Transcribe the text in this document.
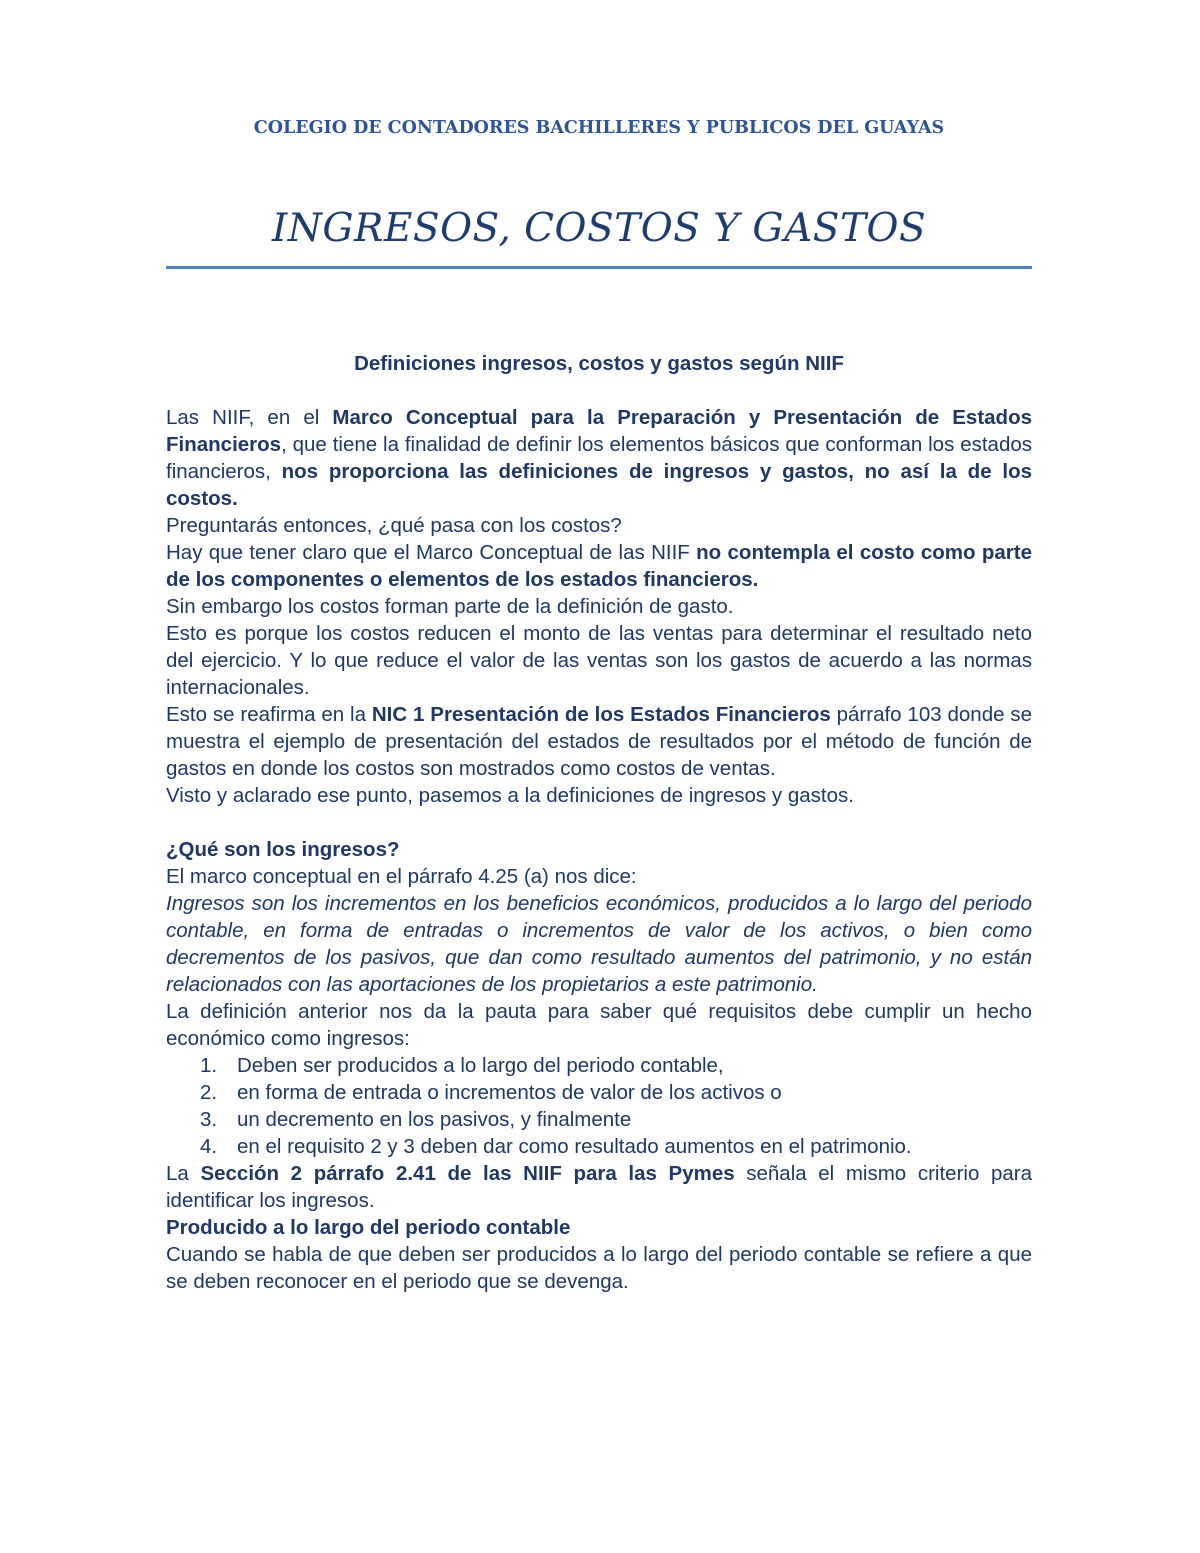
COLEGIO DE CONTADORES BACHILLERES Y PUBLICOS DEL GUAYAS
INGRESOS, COSTOS Y GASTOS
Definiciones ingresos, costos y gastos según NIIF

Las NIIF, en el Marco Conceptual para la Preparación y Presentación de Estados Financieros, que tiene la finalidad de definir los elementos básicos que conforman los estados financieros, nos proporciona las definiciones de ingresos y gastos, no así la de los costos.

Preguntarás entonces, ¿qué pasa con los costos?

Hay que tener claro que el Marco Conceptual de las NIIF no contempla el costo como parte de los componentes o elementos de los estados financieros.

Sin embargo los costos forman parte de la definición de gasto.

Esto es porque los costos reducen el monto de las ventas para determinar el resultado neto del ejercicio. Y lo que reduce el valor de las ventas son los gastos de acuerdo a las normas internacionales.

Esto se reafirma en la NIC 1 Presentación de los Estados Financieros párrafo 103 donde se muestra el ejemplo de presentación del estados de resultados por el método de función de gastos en donde los costos son mostrados como costos de ventas.

Visto y aclarado ese punto, pasemos a la definiciones de ingresos y gastos.

¿Qué son los ingresos?

El marco conceptual en el párrafo 4.25 (a) nos dice:

Ingresos son los incrementos en los beneficios económicos, producidos a lo largo del periodo contable, en forma de entradas o incrementos de valor de los activos, o bien como decrementos de los pasivos, que dan como resultado aumentos del patrimonio, y no están relacionados con las aportaciones de los propietarios a este patrimonio.

La definición anterior nos da la pauta para saber qué requisitos debe cumplir un hecho económico como ingresos:

1. Deben ser producidos a lo largo del periodo contable,
2. en forma de entrada o incrementos de valor de los activos o
3. un decremento en los pasivos, y finalmente
4. en el requisito 2 y 3 deben dar como resultado aumentos en el patrimonio.

La Sección 2 párrafo 2.41 de las NIIF para las Pymes señala el mismo criterio para identificar los ingresos.

Producido a lo largo del periodo contable

Cuando se habla de que deben ser producidos a lo largo del periodo contable se refiere a que se deben reconocer en el periodo que se devenga.
